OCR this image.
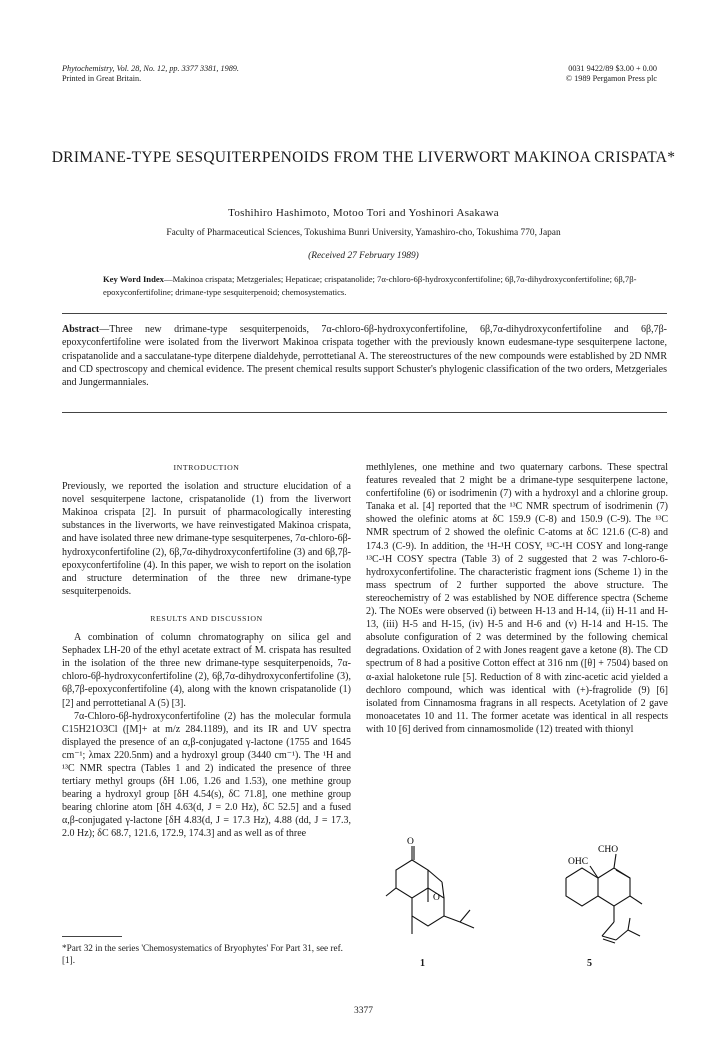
Phytochemistry, Vol. 28, No. 12, pp. 3377 3381, 1989.
Printed in Great Britain.
0031 9422/89 $3.00 + 0.00
© 1989 Pergamon Press plc
DRIMANE-TYPE SESQUITERPENOIDS FROM THE LIVERWORT MAKINOA CRISPATA*
Toshihiro Hashimoto, Motoo Tori and Yoshinori Asakawa
Faculty of Pharmaceutical Sciences, Tokushima Bunri University, Yamashiro-cho, Tokushima 770, Japan
(Received 27 February 1989)
Key Word Index—Makinoa crispata; Metzgeriales; Hepaticae; crispatanolide; 7α-chloro-6β-hydroxyconfertifoline; 6β,7α-dihydroxyconfertifoline; 6β,7β-epoxyconfertifoline; drimane-type sesquiterpenoid; chemosystematics.
Abstract—Three new drimane-type sesquiterpenoids, 7α-chloro-6β-hydroxyconfertifoline, 6β,7α-dihydroxyconfertifoline and 6β,7β-epoxyconfertifoline were isolated from the liverwort Makinoa crispata together with the previously known eudesmane-type sesquiterpene lactone, crispatanolide and a sacculatane-type diterpene dialdehyde, perrottetianal A. The stereostructures of the new compounds were established by 2D NMR and CD spectroscopy and chemical evidence. The present chemical results support Schuster's phylogenic classification of the two orders, Metzgeriales and Jungermanniales.

INTRODUCTION

Previously, we reported the isolation and structure elucidation of a novel sesquiterpene lactone, crispatanolide (1) from the liverwort Makinoa crispata [2]. In pursuit of pharmacologically interesting substances in the liverworts, we have reinvestigated Makinoa crispata, and have isolated three new drimane-type sesquiterpenes, 7α-chloro-6β-hydroxyconfertifoline (2), 6β,7α-dihydroxyconfertifoline (3) and 6β,7β-epoxyconfertifoline (4). In this paper, we wish to report on the isolation and structure determination of the three new drimane-type sesquiterpenoids.

RESULTS AND DISCUSSION

A combination of column chromatography on silica gel and Sephadex LH-20 of the ethyl acetate extract of M. crispata has resulted in the isolation of the three new drimane-type sesquiterpenoids, 7α-chloro-6β-hydroxyconfertifoline (2), 6β,7α-dihydroxyconfertifoline (3), 6β,7β-epoxyconfertifoline (4), along with the known crispatanolide (1) [2] and perrottetianal A (5) [3].

7α-Chloro-6β-hydroxyconfertifoline (2) has the molecular formula C15H21O3Cl ([M]+ at m/z 284.1189), and its IR and UV spectra displayed the presence of an α,β-conjugated γ-lactone (1755 and 1645 cm⁻¹; λmax 220.5nm) and a hydroxyl group (3440 cm⁻¹). The ¹H and ¹³C NMR spectra (Tables 1 and 2) indicated the presence of three tertiary methyl groups (δH 1.06, 1.26 and 1.53), one methine group bearing a hydroxyl group [δH 4.54(s), δC 71.8], one methine group bearing chlorine atom [δH 4.63(d, J = 2.0 Hz), δC 52.5] and a fused α,β-conjugated γ-lactone [δH 4.83(d, J = 17.3 Hz), 4.88 (dd, J = 17.3, 2.0 Hz); δC 68.7, 121.6, 172.9, 174.3] and as well as of three

methlylenes, one methine and two quaternary carbons. These spectral features revealed that 2 might be a drimane-type sesquiterpene lactone, confertifoline (6) or isodrimenin (7) with a hydroxyl and a chlorine group. Tanaka et al. [4] reported that the ¹³C NMR spectrum of isodrimenin (7) showed the olefinic atoms at δC 159.9 (C-8) and 150.9 (C-9). The ¹³C NMR spectrum of 2 showed the olefinic C-atoms at δC 121.6 (C-8) and 174.3 (C-9). In addition, the ¹H-¹H COSY, ¹³C-¹H COSY and long-range ¹³C-¹H COSY spectra (Table 3) of 2 suggested that 2 was 7-chloro-6-hydroxyconfertifoline. The characteristic fragment ions (Scheme 1) in the mass spectrum of 2 further supported the above structure. The stereochemistry of 2 was established by NOE difference spectra (Scheme 2). The NOEs were observed (i) between H-13 and H-14, (ii) H-11 and H-13, (iii) H-5 and H-15, (iv) H-5 and H-6 and (v) H-14 and H-15. The absolute configuration of 2 was determined by the following chemical degradations. Oxidation of 2 with Jones reagent gave a ketone (8). The CD spectrum of 8 had a positive Cotton effect at 316 nm ([θ] + 7504) based on α-axial haloketone rule [5]. Reduction of 8 with zinc-acetic acid yielded a dechloro compound, which was identical with (+)-fragrolide (9) [6] isolated from Cinnamosma fragrans in all respects. Acetylation of 2 gave monoacetates 10 and 11. The former acetate was identical in all respects with 10 [6] derived from cinnamosmolide (12) treated with thionyl

O
O
1
CHO
OHC
5
*Part 32 in the series 'Chemosystematics of Bryophytes' For Part 31, see ref. [1].
3377
